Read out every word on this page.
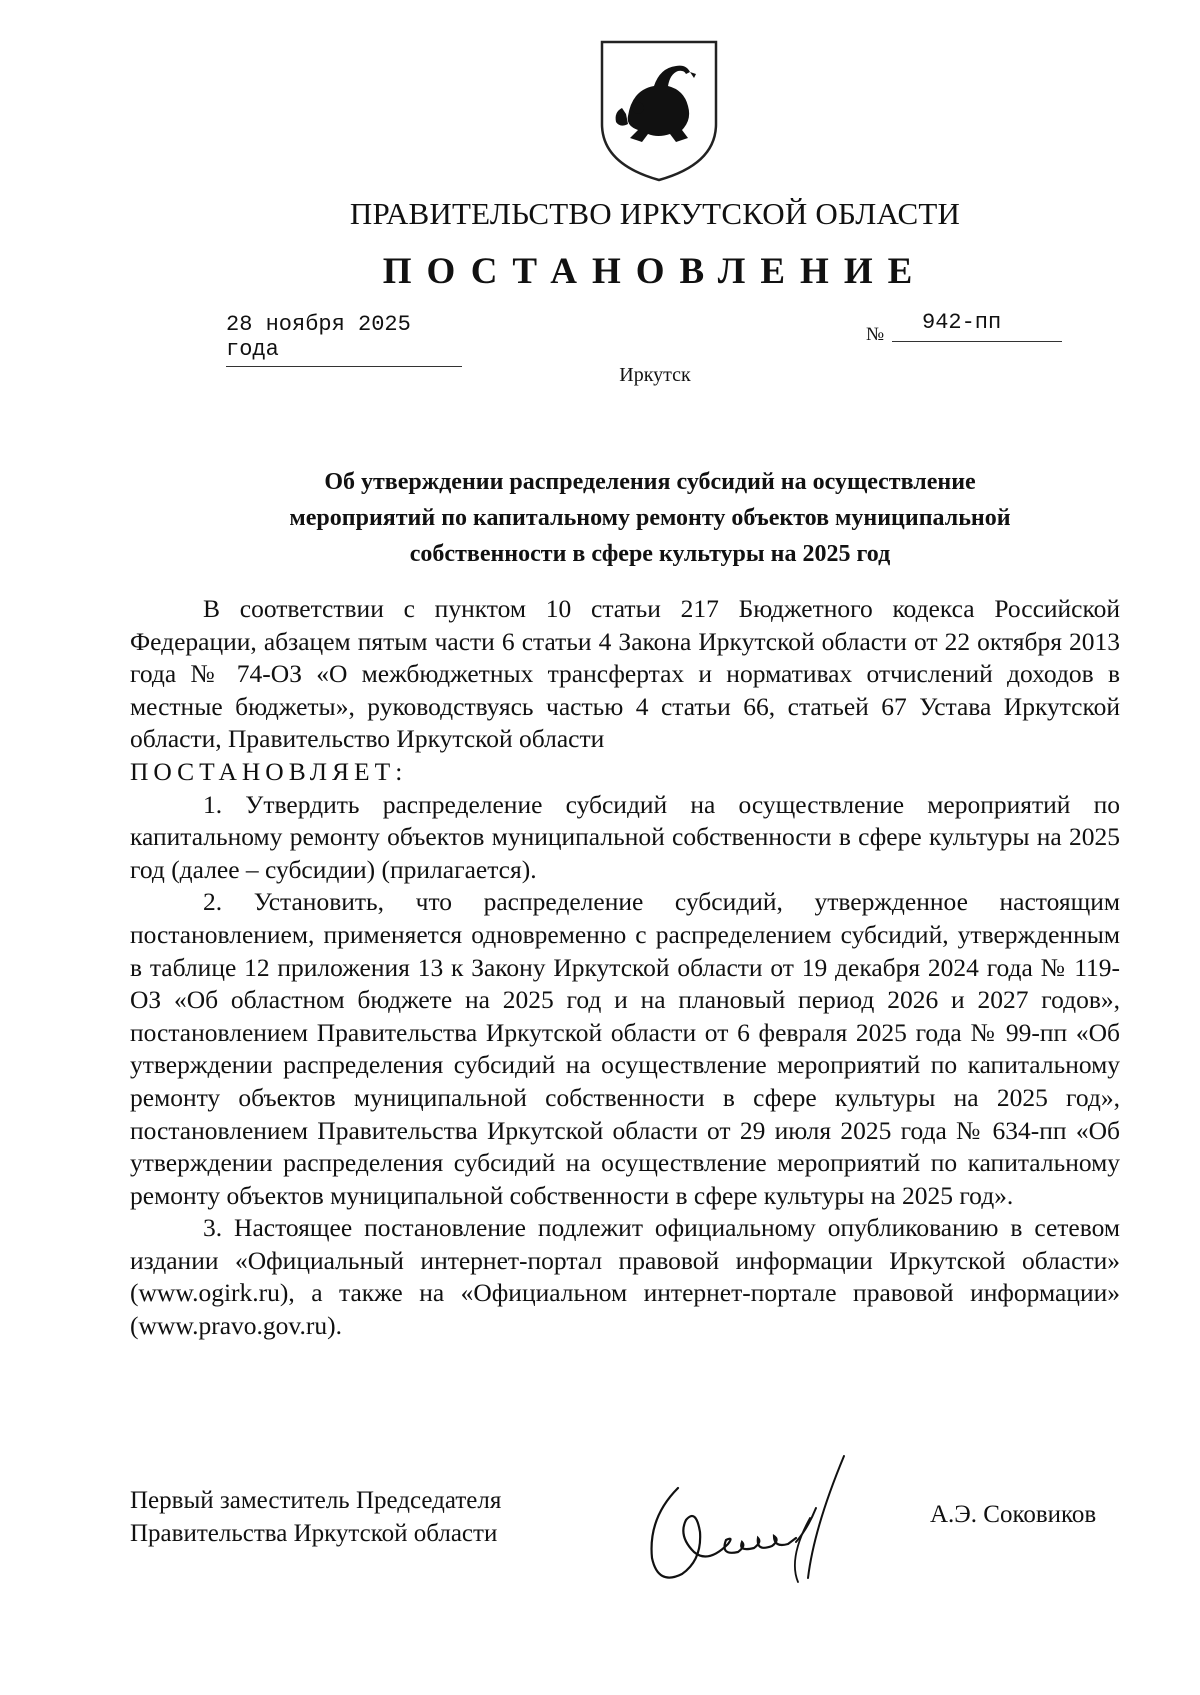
ПРАВИТЕЛЬСТВО ИРКУТСКОЙ ОБЛАСТИ
ПОСТАНОВЛЕНИЕ
28 ноября 2025 года
№	942-пп
Иркутск
Об утверждении распределения субсидий на осуществление
мероприятий по капитальному ремонту объектов муниципальной
собственности в сфере культуры на 2025 год

В соответствии с пунктом 10 статьи 217 Бюджетного кодекса Российской Федерации, абзацем пятым части 6 статьи 4 Закона Иркутской области от 22 октября 2013 года № 74-ОЗ «О межбюджетных трансфертах и нормативах отчислений доходов в местные бюджеты», руководствуясь частью 4 статьи 66, статьей 67 Устава Иркутской области, Правительство Иркутской области

ПОСТАНОВЛЯЕТ:

1. Утвердить распределение субсидий на осуществление мероприятий по капитальному ремонту объектов муниципальной собственности в сфере культуры на 2025 год (далее – субсидии) (прилагается).

2. Установить, что распределение субсидий, утвержденное настоящим постановлением, применяется одновременно с распределением субсидий, утвержденным в таблице 12 приложения 13 к Закону Иркутской области от 19 декабря 2024 года № 119-ОЗ «Об областном бюджете на 2025 год и на плановый период 2026 и 2027 годов», постановлением Правительства Иркутской области от 6 февраля 2025 года № 99-пп «Об утверждении распределения субсидий на осуществление мероприятий по капитальному ремонту объектов муниципальной собственности в сфере культуры на 2025 год», постановлением Правительства Иркутской области от 29 июля 2025 года № 634-пп «Об утверждении распределения субсидий на осуществление мероприятий по капитальному ремонту объектов муниципальной собственности в сфере культуры на 2025 год».

3. Настоящее постановление подлежит официальному опубликованию в сетевом издании «Официальный интернет-портал правовой информации Иркутской области» (www.ogirk.ru), а также на «Официальном интернет-портале правовой информации» (www.pravo.gov.ru).

Первый заместитель Председателя
Правительства Иркутской области
А.Э. Соковиков
